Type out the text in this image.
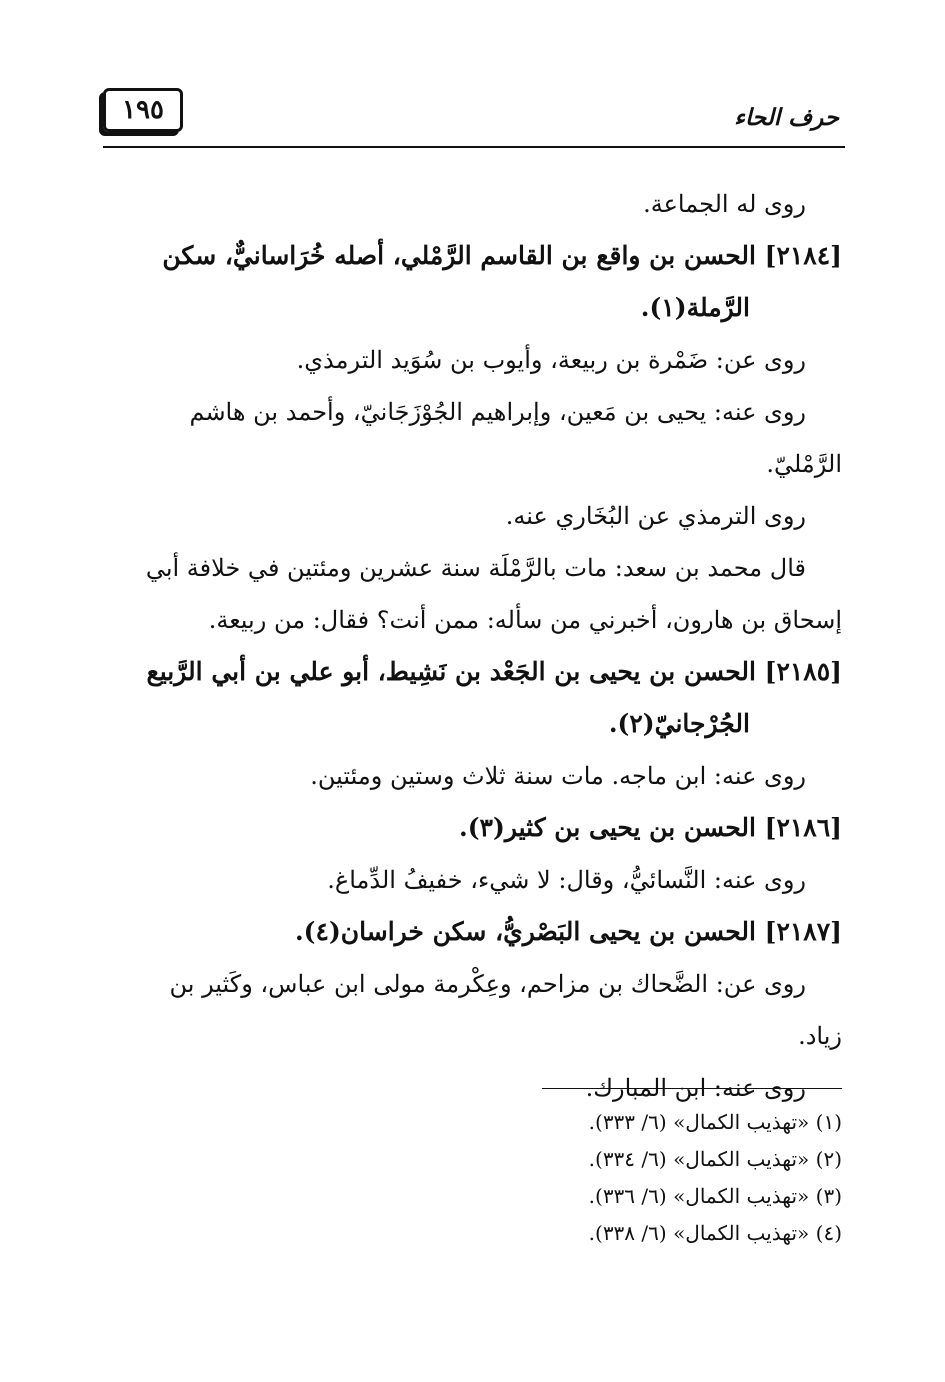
حرف الحاء
١٩٥
روى له الجماعة.
[٢١٨٤] الحسن بن واقع بن القاسم الرَّمْلي، أصله خُرَاسانيٌّ، سكن
الرَّملة(١).
روى عن: ضَمْرة بن ربيعة، وأيوب بن سُوَيد الترمذي.
روى عنه: يحيى بن مَعين، وإبراهيم الجُوْزَجَانيّ، وأحمد بن هاشم
الرَّمْليّ.
روى الترمذي عن البُخَاري عنه.
قال محمد بن سعد: مات بالرَّمْلَة سنة عشرين ومئتين في خلافة أبي
إسحاق بن هارون، أخبرني من سأله: ممن أنت؟ فقال: من ربيعة.
[٢١٨٥] الحسن بن يحيى بن الجَعْد بن نَشِيط، أبو علي بن أبي الرَّبيع
الجُرْجانيّ(٢).
روى عنه: ابن ماجه. مات سنة ثلاث وستين ومئتين.
[٢١٨٦] الحسن بن يحيى بن كثير(٣).
روى عنه: النَّسائيُّ، وقال: لا شيء، خفيفُ الدِّماغ.
[٢١٨٧] الحسن بن يحيى البَصْريُّ، سكن خراسان(٤).
روى عن: الضَّحاك بن مزاحم، وعِكْرمة مولى ابن عباس، وكَثير بن
زياد.
روى عنه: ابن المبارك.
(١) «تهذيب الكمال» (٦/ ٣٣٣).
(٢) «تهذيب الكمال» (٦/ ٣٣٤).
(٣) «تهذيب الكمال» (٦/ ٣٣٦).
(٤) «تهذيب الكمال» (٦/ ٣٣٨).
